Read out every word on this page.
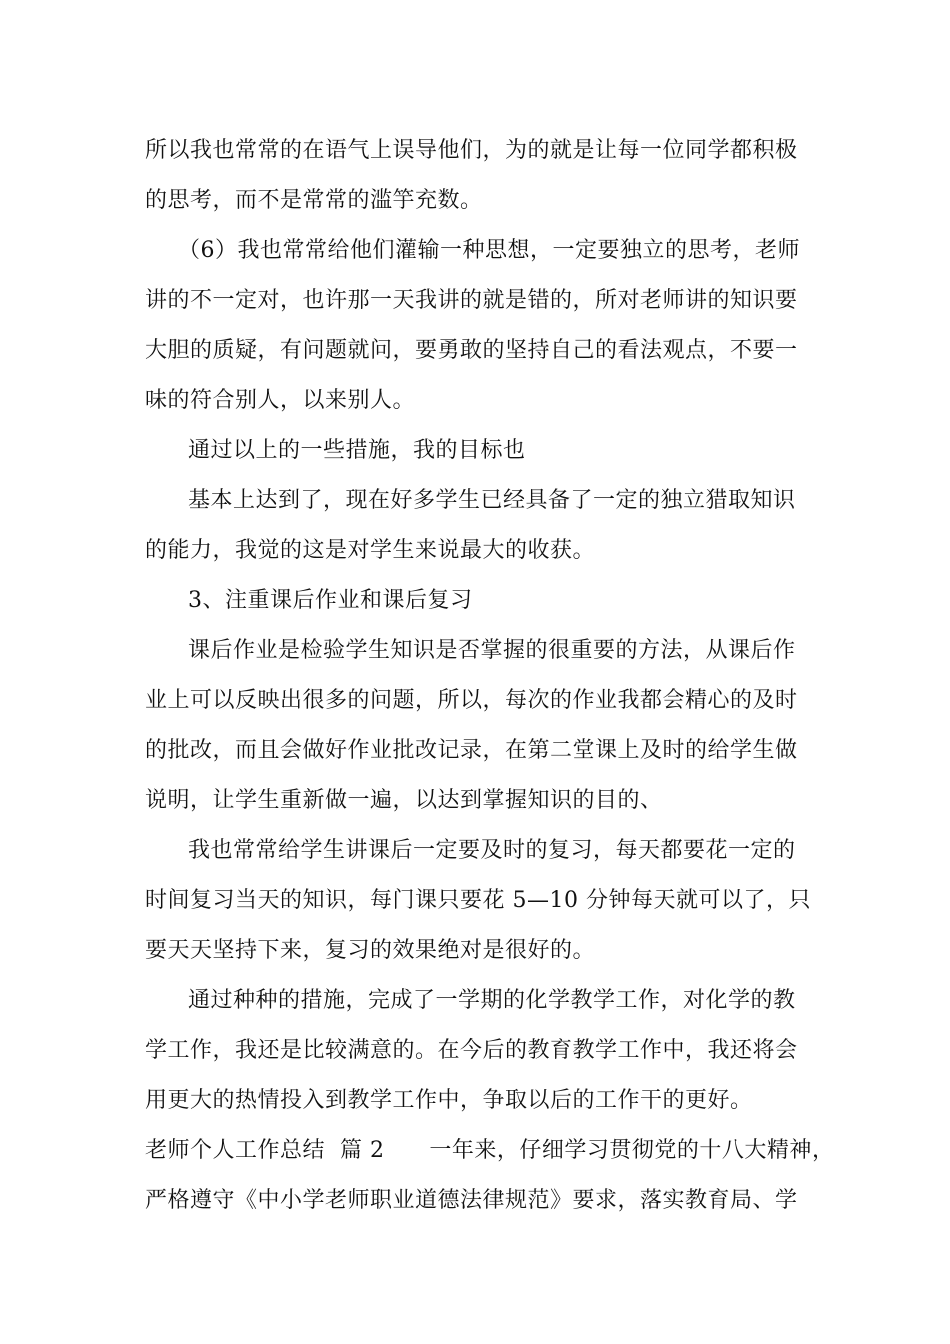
所以我也常常的在语气上误导他们，为的就是让每一位同学都积极
的思考，而不是常常的滥竽充数。
（6）我也常常给他们灌输一种思想，一定要独立的思考，老师
讲的不一定对，也许那一天我讲的就是错的，所对老师讲的知识要
大胆的质疑，有问题就问，要勇敢的坚持自己的看法观点，不要一
味的符合别人，以来别人。
通过以上的一些措施，我的目标也
基本上达到了，现在好多学生已经具备了一定的独立猎取知识
的能力，我觉的这是对学生来说最大的收获。
3、注重课后作业和课后复习
课后作业是检验学生知识是否掌握的很重要的方法，从课后作
业上可以反映出很多的问题，所以，每次的作业我都会精心的及时
的批改，而且会做好作业批改记录，在第二堂课上及时的给学生做
说明，让学生重新做一遍，以达到掌握知识的目的、
我也常常给学生讲课后一定要及时的复习，每天都要花一定的
时间复习当天的知识，每门课只要花 5—10 分钟每天就可以了，只
要天天坚持下来，复习的效果绝对是很好的。
通过种种的措施，完成了一学期的化学教学工作，对化学的教
学工作，我还是比较满意的。在今后的教育教学工作中，我还将会
用更大的热情投入到教学工作中，争取以后的工作干的更好。
老师个人工作总结  篇 2      一年来，仔细学习贯彻党的十八大精神，
严格遵守《中小学老师职业道德法律规范》要求，落实教育局、学
